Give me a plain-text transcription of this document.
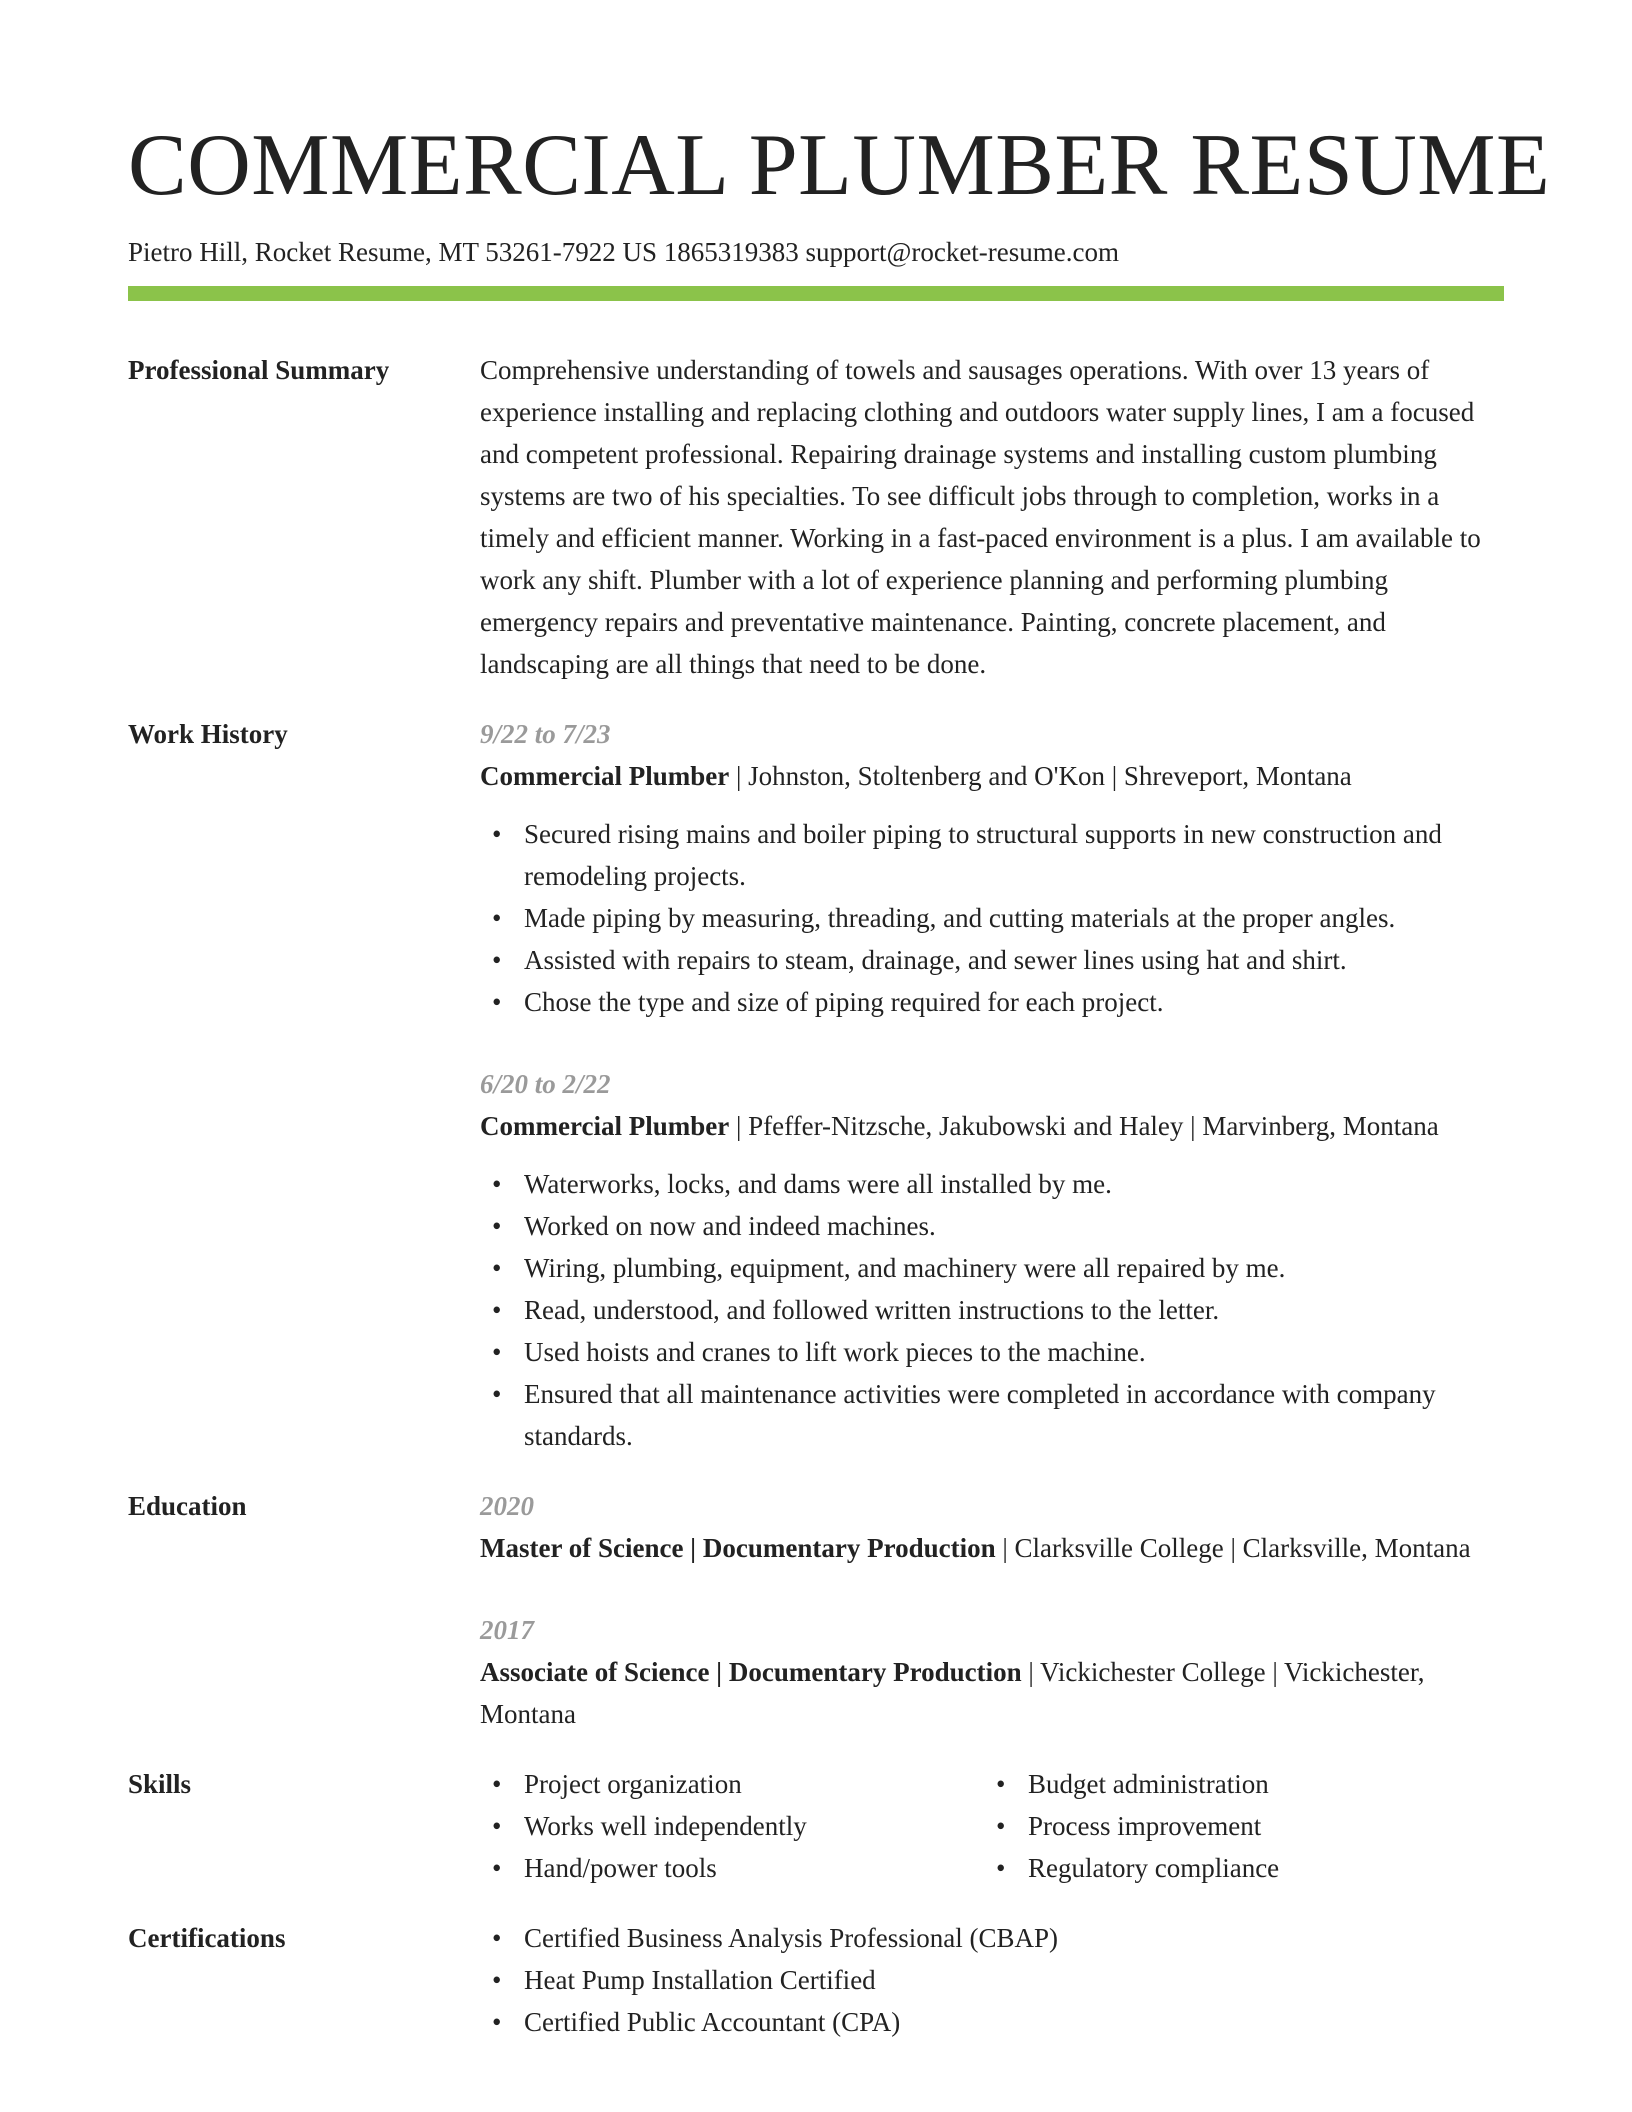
COMMERCIAL PLUMBER RESUME
Pietro Hill, Rocket Resume, MT 53261-7922 US 1865319383 support@rocket-resume.com
Professional Summary	Comprehensive understanding of towels and sausages operations. With over 13 years of experience installing and replacing clothing and outdoors water supply lines, I am a focused and competent professional. Repairing drainage systems and installing custom plumbing systems are two of his specialties. To see difficult jobs through to completion, works in a timely and efficient manner. Working in a fast-paced environment is a plus. I am available to work any shift. Plumber with a lot of experience planning and performing plumbing emergency repairs and preventative maintenance. Painting, concrete placement, and landscaping are all things that need to be done.

Work History	9/22 to 7/23
Commercial Plumber | Johnston, Stoltenberg and O'Kon | Shreveport, Montana
• Secured rising mains and boiler piping to structural supports in new construction and remodeling projects.
• Made piping by measuring, threading, and cutting materials at the proper angles.
• Assisted with repairs to steam, drainage, and sewer lines using hat and shirt.
• Chose the type and size of piping required for each project.
6/20 to 2/22
Commercial Plumber | Pfeffer-Nitzsche, Jakubowski and Haley | Marvinberg, Montana
• Waterworks, locks, and dams were all installed by me.
• Worked on now and indeed machines.
• Wiring, plumbing, equipment, and machinery were all repaired by me.
• Read, understood, and followed written instructions to the letter.
• Used hoists and cranes to lift work pieces to the machine.
• Ensured that all maintenance activities were completed in accordance with company standards.
Education	2020
Master of Science | Documentary Production | Clarksville College | Clarksville, Montana
2017
Associate of Science | Documentary Production | Vickichester College | Vickichester, Montana
Skills	• Project organization
• Works well independently
• Hand/power tools
• Budget administration
• Process improvement
• Regulatory compliance
Certifications	• Certified Business Analysis Professional (CBAP)
• Heat Pump Installation Certified
• Certified Public Accountant (CPA)
